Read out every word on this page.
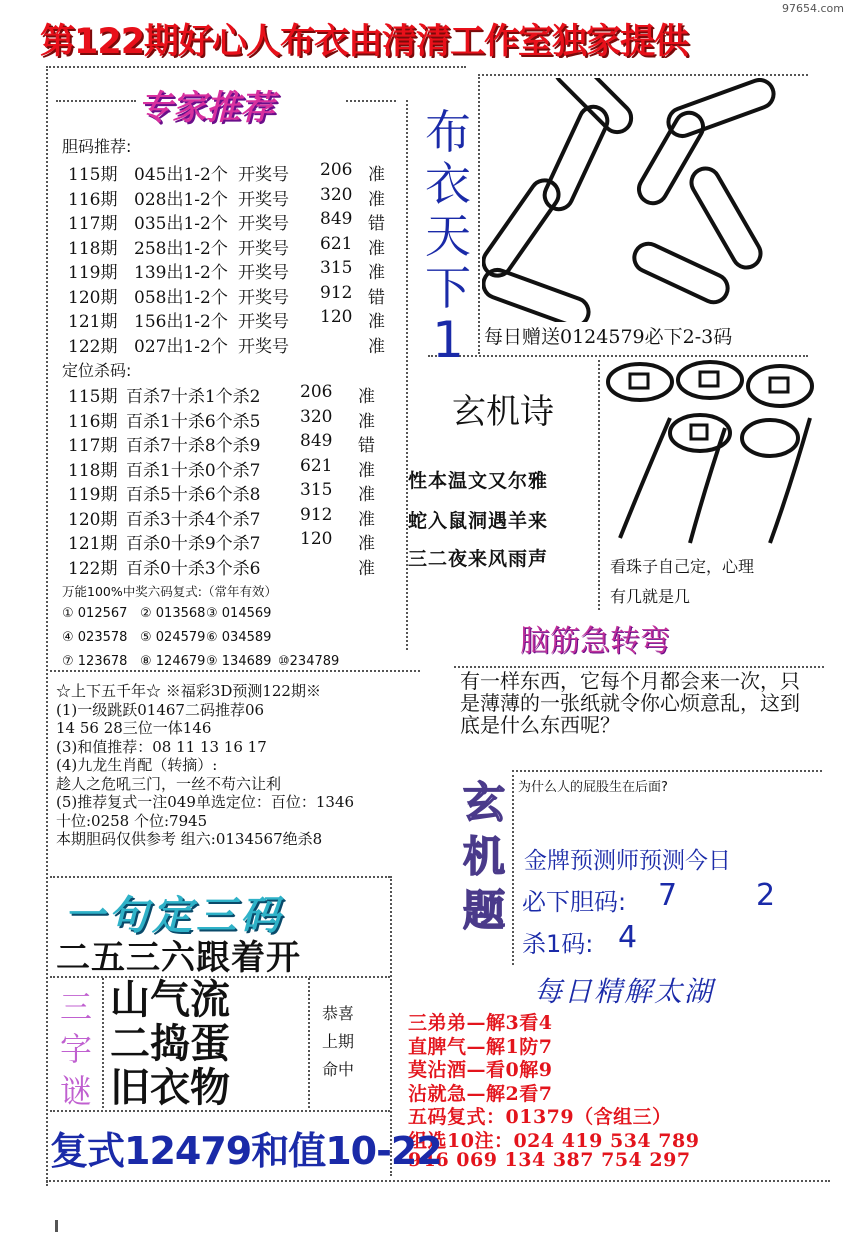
97654.com
第122期好心人布衣由清清工作室独家提供
专家推荐
胆码推荐:
115期 045出1-2个 开奖号 206 准
116期 028出1-2个 开奖号 320 准
117期 035出1-2个 开奖号 849 错
118期 258出1-2个 开奖号 621 准
119期 139出1-2个 开奖号 315 准
120期 058出1-2个 开奖号 912 错
121期 156出1-2个 开奖号 120 准
122期 027出1-2个 开奖号	准
定位杀码:
115期 百杀7十杀1个杀2 206 准
116期 百杀1十杀6个杀5 320 准
117期 百杀7十杀8个杀9 849 错
118期 百杀1十杀0个杀7 621 准
119期 百杀5十杀6个杀8 315 准
120期 百杀3十杀4个杀7 912 准
121期 百杀0十杀9个杀7 120 准
122期 百杀0十杀3个杀6	准
万能100%中奖六码复式:（常年有效）
① 012567 ② 013568 ③ 014569
④ 023578 ⑤ 024579 ⑥ 034589
⑦ 123678 ⑧ 124679 ⑨ 134689 ⑩234789
布
衣
天
下
1	每日赠送0124579必下2-3码
玄机诗
性本温文又尔雅
蛇入鼠洞遇羊来
三二夜来风雨声	看珠子自己定，心理
有几就是几
脑筋急转弯
有一样东西，它每个月都会来一次，只是薄薄的一张纸就令你心烦意乱，这到底是什么东西呢？
☆上下五千年☆ ※福彩3D预测122期※
(1)一级跳跃01467二码推荐06
14 56 28三位一体146
(3)和值推荐：08 11 13 16 17
(4)九龙生肖配（转摘）:
趁人之危吼三门，一丝不苟六让利
(5)推荐复式一注049单选定位：百位：1346
十位:0258 个位:7945
本期胆码仅供参考 组六:0134567绝杀8
玄
机
题
为什么人的屁股生在后面?
金牌预测师预测今日
必下胆码: 7	2
杀1码: 4
每日精解太湖
三弟弟—解3看4
直脾气—解1防7
莫沾酒—看0解9
沾就急—解2看7
五码复式：01379（含组三）
组选10注：024 419 534 789
946 069 134 387 754 297
一句定三码
二五三六跟着开
三
字
谜
山气流
二捣蛋
旧衣物
恭喜
上期
命中
复式12479和值10-22
